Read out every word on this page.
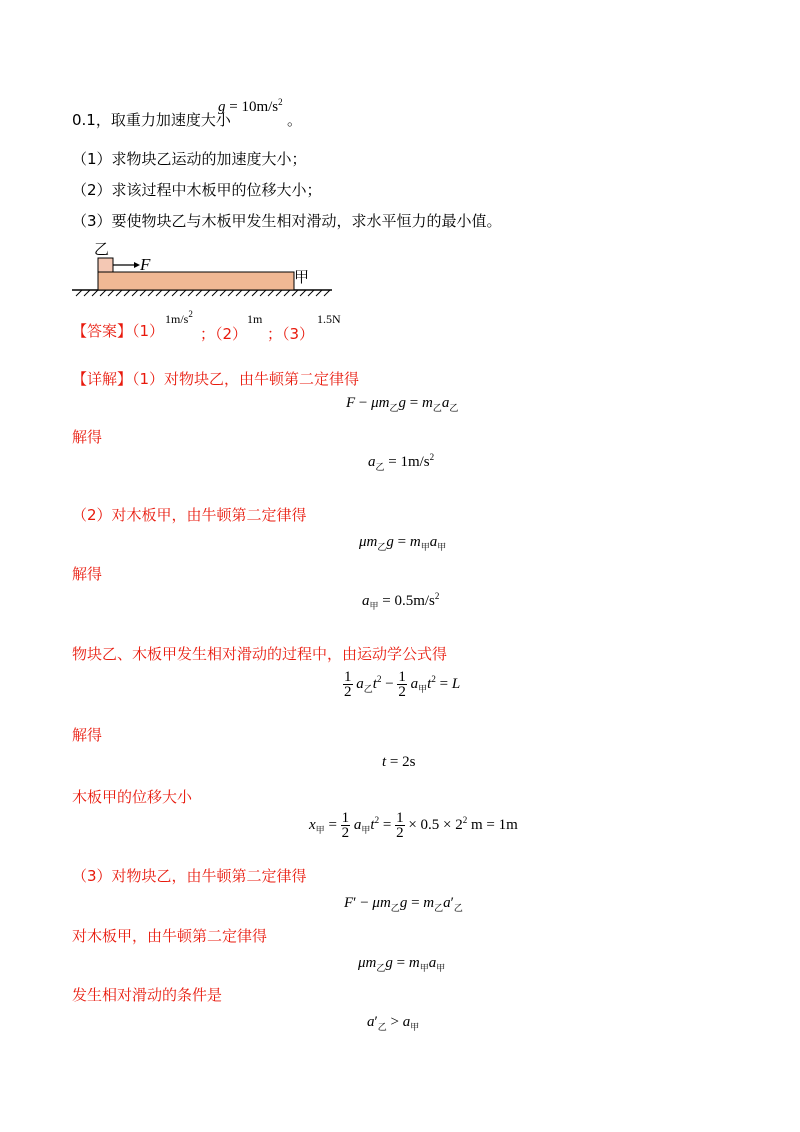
0.1，取重力加速度大小
$g = 10m/s^2$
。
（1）求物块乙运动的加速度大小；
（2）求该过程中木板甲的位移大小；
（3）要使物块乙与木板甲发生相对滑动，求水平恒力的最小值。
乙
F
甲
【答案】（1）
$1m/s^2$
；（2）
1m
；（3）
1.5N
【详解】（1）对物块乙，由牛顿第二定律得
$F - \mu m_乙g = m_乙a_乙$
解得
$a_乙 = 1m/s^2$
（2）对木板甲，由牛顿第二定律得
$\mu m_乙g = m_甲a_甲$
解得
$a_甲 = 0.5m/s^2$
物块乙、木板甲发生相对滑动的过程中，由运动学公式得
$\frac{1}{2} a_乙t^2 - \frac{1}{2} a_甲t^2 = L$
解得
t = 2s
木板甲的位移大小
$x_甲 = \frac{1}{2} a_甲t^2 = \frac{1}{2} \times 0.5 \times 2^2$ m = 1m
（3）对物块乙，由牛顿第二定律得
$F' - \mu m_乙g = m_乙a'_乙$
对木板甲，由牛顿第二定律得
$\mu m_乙g = m_甲a_甲$
发生相对滑动的条件是
$a'_乙 > a_甲$
